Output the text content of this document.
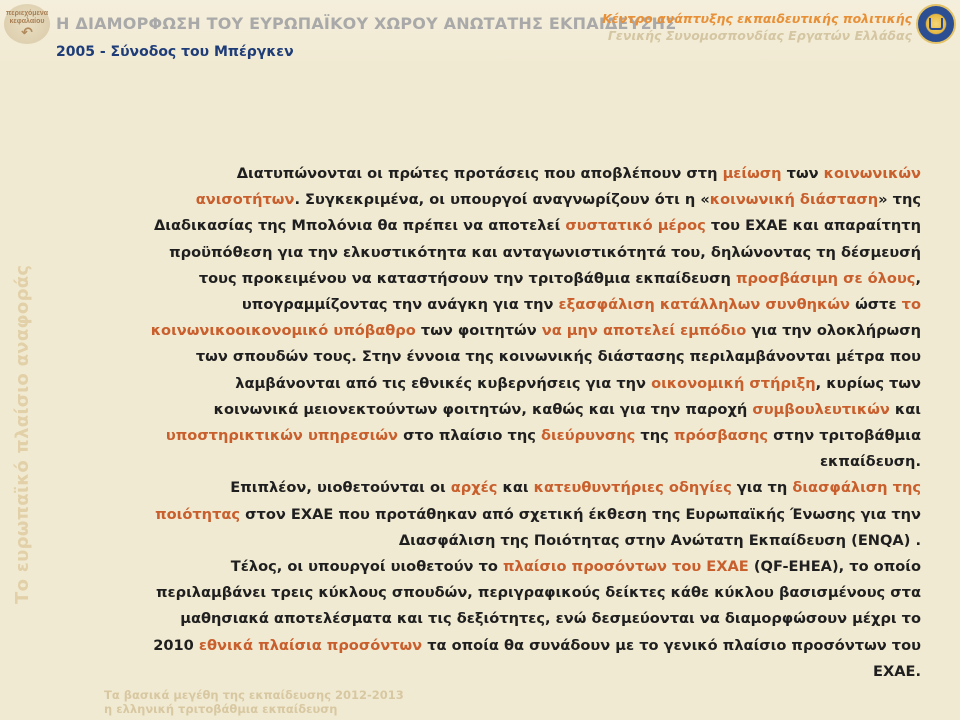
περιεχόμενα
κεφαλαίου
↶ Η ΔΙΑΜΟΡΦΩΣΗ ΤΟΥ ΕΥΡΩΠΑΪΚΟΥ ΧΩΡΟΥ ΑΝΩΤΑΤΗΣ ΕΚΠΑΙΔΕΥΣΗΣ
2005 - Σύνοδος του Μπέργκεν
Κέντρο ανάπτυξης εκπαιδευτικής πολιτικής
Γενικής Συνομοσπονδίας Εργατών Ελλάδας
Το ευρωπαϊκό πλαίσιο αναφοράς
Διατυπώνονται οι πρώτες προτάσεις που αποβλέπουν στη μείωση των κοινωνικών ανισοτήτων. Συγκεκριμένα, οι υπουργοί αναγνωρίζουν ότι η «κοινωνική διάσταση» της Διαδικασίας της Μπολόνια θα πρέπει να αποτελεί συστατικό μέρος του ΕΧΑΕ και απαραίτητη προϋπόθεση για την ελκυστικότητα και ανταγωνιστικότητά του, δηλώνοντας τη δέσμευσή τους προκειμένου να καταστήσουν την τριτοβάθμια εκπαίδευση προσβάσιμη σε όλους, υπογραμμίζοντας την ανάγκη για την εξασφάλιση κατάλληλων συνθηκών ώστε το κοινωνικοοικονομικό υπόβαθρο των φοιτητών να μην αποτελεί εμπόδιο για την ολοκλήρωση των σπουδών τους. Στην έννοια της κοινωνικής διάστασης περιλαμβάνονται μέτρα που λαμβάνονται από τις εθνικές κυβερνήσεις για την οικονομική στήριξη, κυρίως των κοινωνικά μειονεκτούντων φοιτητών, καθώς και για την παροχή συμβουλευτικών και υποστηρικτικών υπηρεσιών στο πλαίσιο της διεύρυνσης της πρόσβασης στην τριτοβάθμια εκπαίδευση.
Επιπλέον, υιοθετούνται οι αρχές και κατευθυντήριες οδηγίες για τη διασφάλιση της ποιότητας στον ΕΧΑΕ που προτάθηκαν από σχετική έκθεση της Ευρωπαϊκής Ένωσης για την Διασφάλιση της Ποιότητας στην Ανώτατη Εκπαίδευση (ENQA) .
Τέλος, οι υπουργοί υιοθετούν το πλαίσιο προσόντων του ΕΧΑΕ (QF-EHEA), το οποίο περιλαμβάνει τρεις κύκλους σπουδών, περιγραφικούς δείκτες κάθε κύκλου βασισμένους στα μαθησιακά αποτελέσματα και τις δεξιότητες, ενώ δεσμεύονται να διαμορφώσουν μέχρι το 2010 εθνικά πλαίσια προσόντων τα οποία θα συνάδουν με το γενικό πλαίσιο προσόντων του ΕΧΑΕ.
Τα βασικά μεγέθη της εκπαίδευσης 2012-2013
η ελληνική τριτοβάθμια εκπαίδευση
